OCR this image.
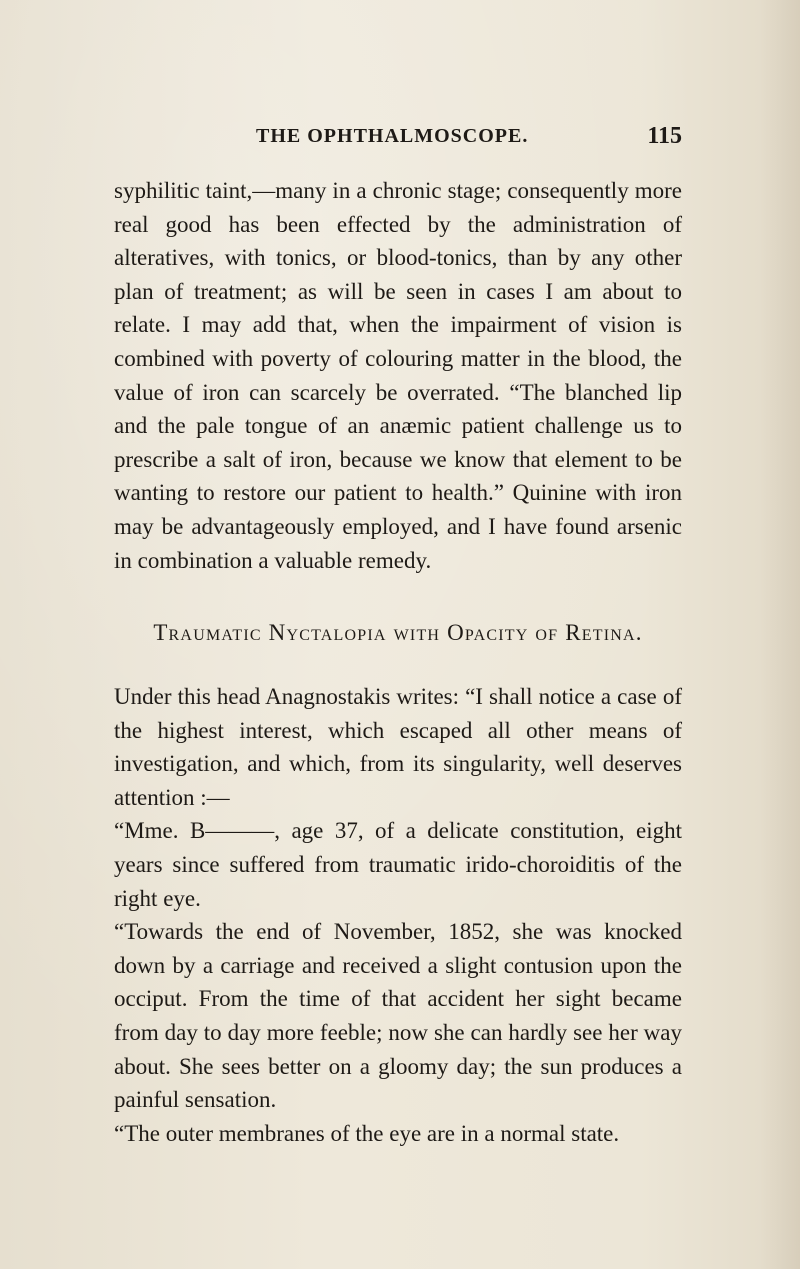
THE OPHTHALMOSCOPE.	115

syphilitic taint,—many in a chronic stage; consequently more real good has been effected by the administration of alteratives, with tonics, or blood-tonics, than by any other plan of treatment; as will be seen in cases I am about to relate. I may add that, when the impairment of vision is combined with poverty of colouring matter in the blood, the value of iron can scarcely be overrated. “The blanched lip and the pale tongue of an anæmic patient challenge us to prescribe a salt of iron, because we know that element to be wanting to restore our patient to health.” Quinine with iron may be advantageously employed, and I have found arsenic in combination a valuable remedy.

Traumatic Nyctalopia with Opacity of Retina.

Under this head Anagnostakis writes: “I shall notice a case of the highest interest, which escaped all other means of investigation, and which, from its singularity, well deserves attention :—

“Mme. B———, age 37, of a delicate constitution, eight years since suffered from traumatic irido-choroiditis of the right eye.

“Towards the end of November, 1852, she was knocked down by a carriage and received a slight contusion upon the occiput. From the time of that accident her sight became from day to day more feeble; now she can hardly see her way about. She sees better on a gloomy day; the sun produces a painful sensation.

“The outer membranes of the eye are in a normal state.
